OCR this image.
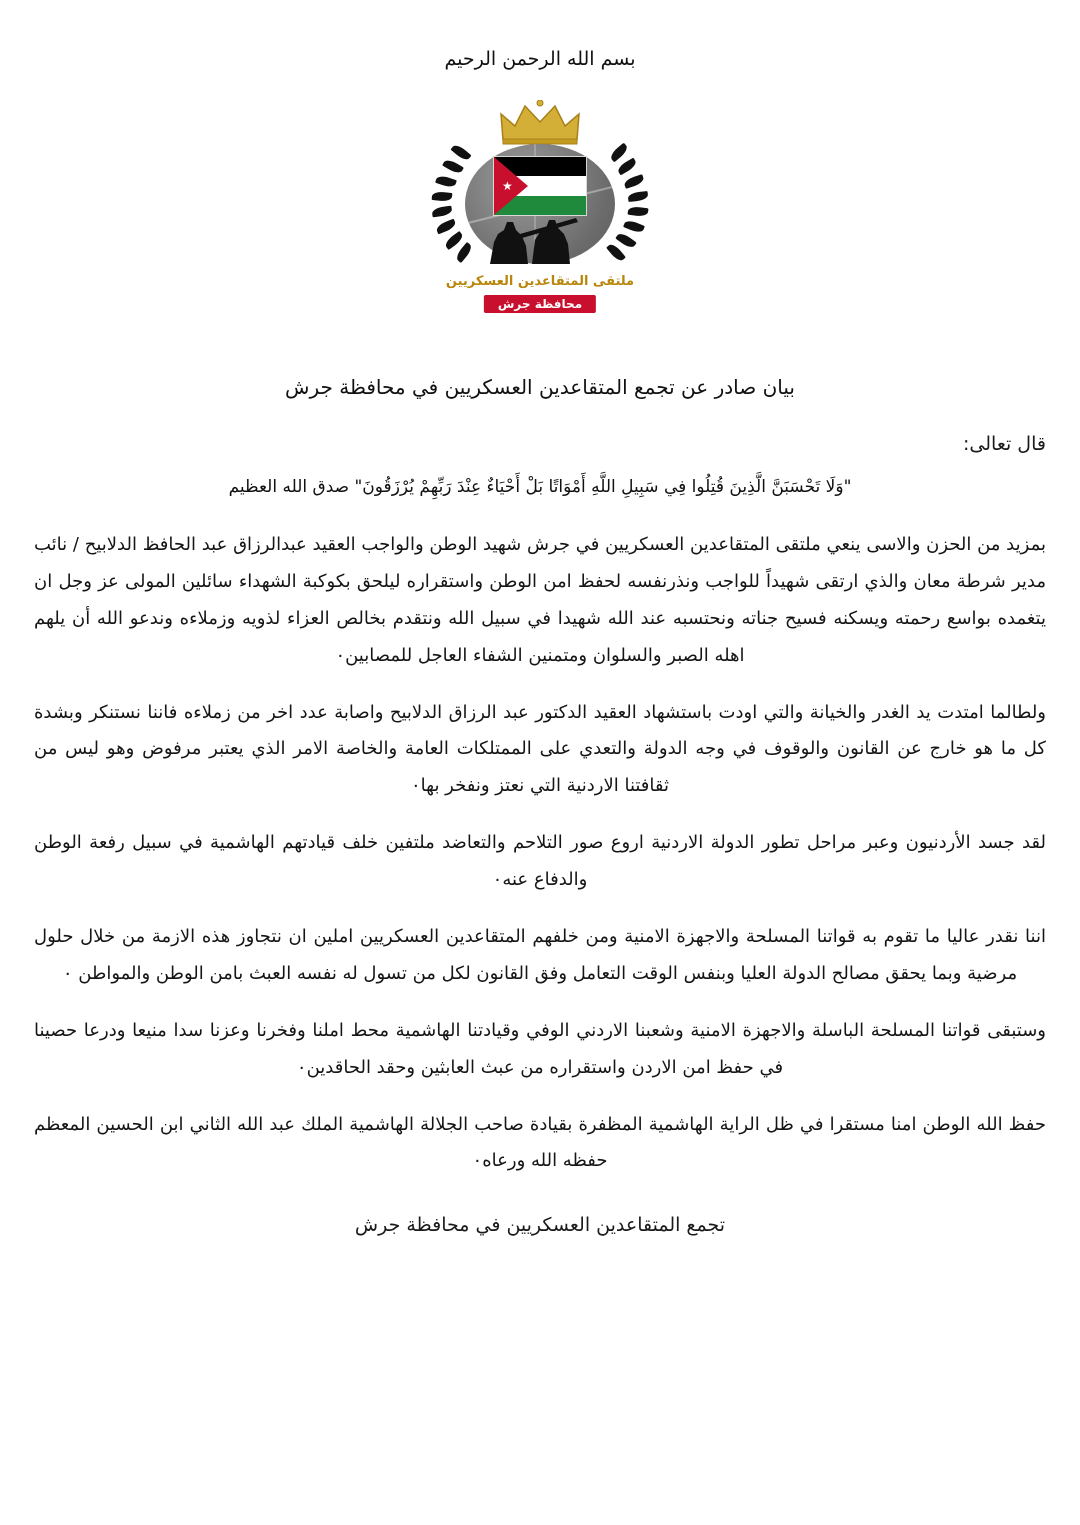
بسم الله الرحمن الرحيم
★
ملتقى المتقاعدين العسكريين
محافظة جرش
بيان صادر عن تجمع المتقاعدين العسكريين في محافظة جرش
قال تعالى:
"وَلَا تَحْسَبَنَّ الَّذِينَ قُتِلُوا فِي سَبِيلِ اللَّهِ أَمْوَاتًا بَلْ أَحْيَاءٌ عِنْدَ رَبِّهِمْ يُرْزَقُونَ" صدق الله العظيم

بمزيد من الحزن والاسى ينعي ملتقى المتقاعدين العسكريين في جرش شهيد الوطن والواجب العقيد عبدالرزاق عبد الحافظ الدلابيح / نائب مدير شرطة معان والذي ارتقى شهيداً للواجب ونذرنفسه لحفظ امن الوطن واستقراره ليلحق بكوكبة الشهداء سائلين المولى عز وجل ان يتغمده بواسع رحمته ويسكنه فسيح جناته ونحتسبه عند الله شهيدا في سبيل الله ونتقدم بخالص العزاء لذويه وزملاءه وندعو الله أن يلهم اهله الصبر والسلوان ومتمنين الشفاء العاجل للمصابين٠

ولطالما امتدت يد الغدر والخيانة والتي اودت باستشهاد العقيد الدكتور عبد الرزاق الدلابيح واصابة عدد اخر من زملاءه فاننا نستنكر وبشدة كل ما هو خارج عن القانون والوقوف في وجه الدولة والتعدي على الممتلكات العامة والخاصة الامر الذي يعتبر مرفوض وهو ليس من ثقافتنا الاردنية التي نعتز ونفخر بها٠

لقد جسد الأردنيون وعبر مراحل تطور الدولة الاردنية اروع صور التلاحم والتعاضد ملتفين خلف قيادتهم الهاشمية في سبيل رفعة الوطن والدفاع عنه٠

اننا نقدر عاليا ما تقوم به قواتنا المسلحة والاجهزة الامنية ومن خلفهم المتقاعدين العسكريين املين ان نتجاوز هذه الازمة من خلال حلول مرضية وبما يحقق مصالح الدولة العليا وبنفس الوقت التعامل وفق القانون لكل من تسول له نفسه العبث بامن الوطن والمواطن ٠

وستبقى قواتنا المسلحة الباسلة والاجهزة الامنية وشعبنا الاردني الوفي وقيادتنا الهاشمية محط املنا وفخرنا وعزنا سدا منيعا ودرعا حصينا في حفظ امن الاردن واستقراره من عبث العابثين وحقد الحاقدين٠

حفظ الله الوطن امنا مستقرا في ظل الراية الهاشمية المظفرة بقيادة صاحب الجلالة الهاشمية الملك عبد الله الثاني ابن الحسين المعظم حفظه الله ورعاه٠

تجمع المتقاعدين العسكريين في محافظة جرش
